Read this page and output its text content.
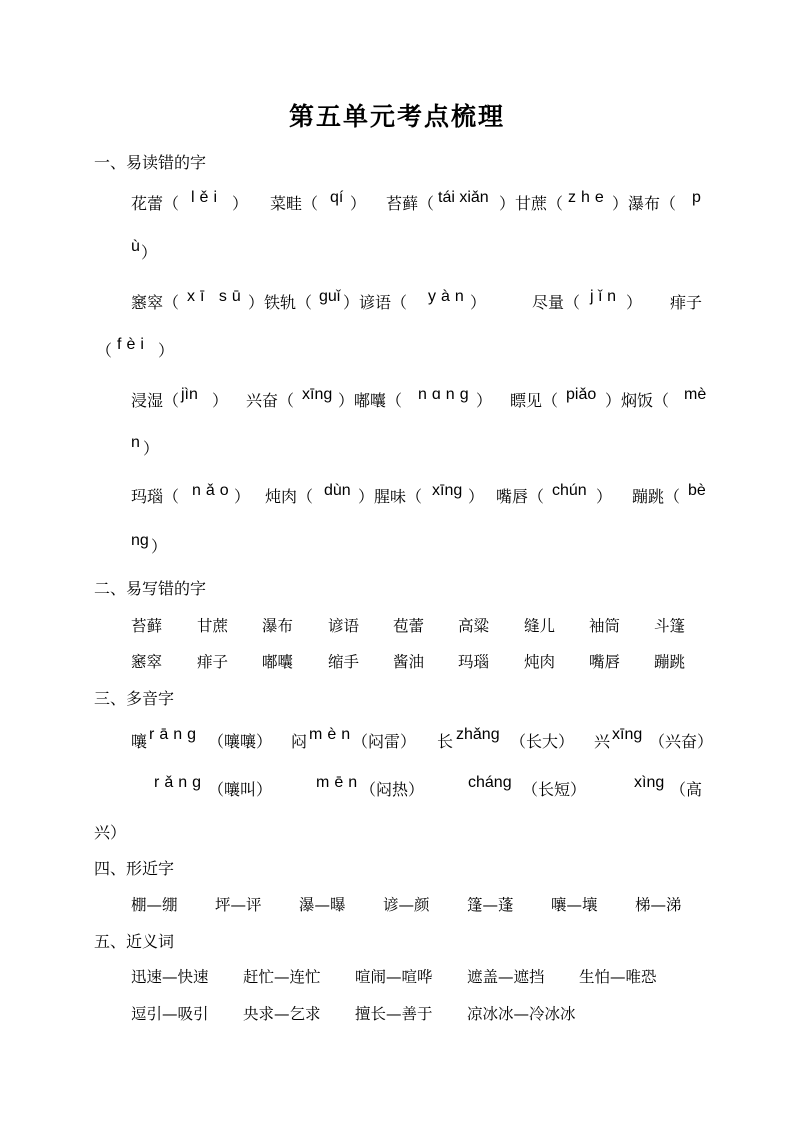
第五单元考点梳理
一、易读错的字
花蕾（ lěi ） 菜畦（ qí ） 苔藓（ tái xiǎn ）甘蔗（ zhe ）瀑布（ p
ù ）
窸窣（ xī sū ）铁轨（ guǐ ）谚语（ yàn ）	尽量（ jǐn ） 痱子
（ fèi ）
浸湿（ jìn ） 兴奋（ xīng ）嘟囔（ nɑnɡ ） 瞟见（ piǎo ）焖饭（ mè
n ）
玛瑙（ nǎo ） 炖肉（ dùn ）腥味（ xīng ） 嘴唇（ chún ） 蹦跳（ bè
ng ）
二、易写错的字
苔藓 甘蔗 瀑布 谚语 苞蕾 高粱 缝儿 袖筒 斗篷
窸窣 痱子 嘟囔 缩手 酱油 玛瑙 炖肉 嘴唇 蹦跳
三、多音字
嚷 rāng （嚷嚷） 闷 mèn
（闷雷） 长 zhǎng （长大） 兴 xīng （兴奋）
rǎng （嚷叫）	mēn
（闷热）	cháng （长短）	xìng （高
兴）
四、形近字
棚—绷 坪—评 瀑—曝 谚—颜 篷—蓬 嚷—壤 梯—涕
五、近义词
迅速—快速 赶忙—连忙 喧闹—喧哗 遮盖—遮挡 生怕—唯恐
逗引—吸引 央求—乞求 擅长—善于 凉冰冰—冷冰冰
